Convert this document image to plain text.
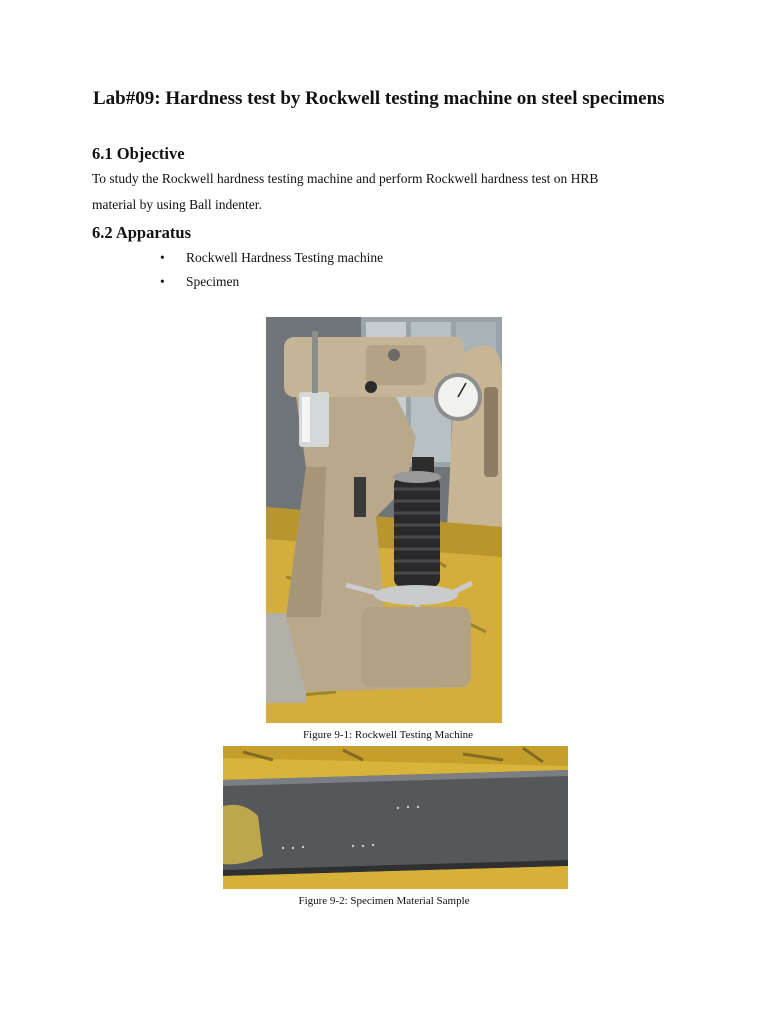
Lab#09: Hardness test by Rockwell testing machine on steel specimens
6.1 Objective

To study the Rockwell hardness testing machine and perform Rockwell hardness test on HRB

material by using Ball indenter.

6.2 Apparatus
•	Rockwell Hardness Testing machine
•	Specimen

Figure 9-1: Rockwell Testing Machine

Figure 9-2: Specimen Material Sample
